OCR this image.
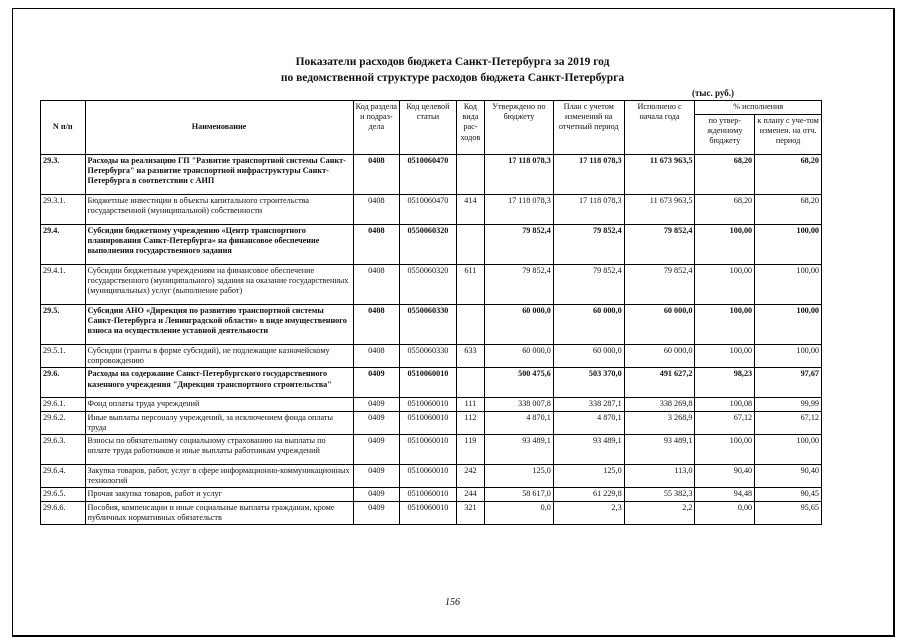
Показатели расходов бюджета Санкт-Петербурга за 2019 год
по ведомственной структуре расходов бюджета Санкт-Петербурга
(тыс. руб.)
N п/п	Наименование	Код раздела и подраз-дела	Код целевой статьи	Код вида рас-ходов	Утверждено по бюджету	План с учетом изменений на отчетный период	Исполнено с начала года	% исполнения	
								по утвер-жденному бюджету	к плану с уче-том изменен. на отч. период
29.3.	Расходы на реализацию ГП "Развитие транспортной системы Санкт-Петербурга" на развитие транспортной инфраструктуры Санкт-Петербурга в соответствии с АИП	0408	0510060470		17 118 078,3	17 118 078,3	11 673 963,5	68,20	68,20
29.3.1.	Бюджетные инвестиции в объекты капитального строительства государственной (муниципальной) собственности	0408	0510060470	414	17 118 078,3	17 118 078,3	11 673 963,5	68,20	68,20
29.4.	Субсидии бюджетному учреждению «Центр транспортного планирования Санкт-Петербурга» на финансовое обеспечение выполнения государственного задания	0408	0550060320		79 852,4	79 852,4	79 852,4	100,00	100,00
29.4.1.	Субсидии бюджетным учреждениям на финансовое обеспечение государственного (муниципального) задания на оказание государственных (муниципальных) услуг (выполнение работ)	0408	0550060320	611	79 852,4	79 852,4	79 852,4	100,00	100,00
29.5.	Субсидии АНО «Дирекция по развитию транспортной системы Санкт-Петербурга и Ленинградской области» в виде имущественного взноса на осуществление уставной деятельности	0408	0550060330		60 000,0	60 000,0	60 000,0	100,00	100,00
29.5.1.	Субсидии (гранты в форме субсидий), не подлежащие казначейскому сопровождению	0408	0550060330	633	60 000,0	60 000,0	60 000,0	100,00	100,00
29.6.	Расходы на содержание Санкт-Петербургского государственного казенного учреждения "Дирекция транспортного строительства"	0409	0510060010		500 475,6	503 370,0	491 627,2	98,23	97,67
29.6.1.	Фонд оплаты труда учреждений	0409	0510060010	111	338 007,8	338 287,1	338 269,8	100,08	99,99
29.6.2.	Иные выплаты персоналу учреждений, за исключением фонда оплаты труда	0409	0510060010	112	4 870,1	4 870,1	3 268,9	67,12	67,12
29.6.3.	Взносы по обязательному социальному страхованию на выплаты по оплате труда работников и иные выплаты работникам учреждений	0409	0510060010	119	93 489,1	93 489,1	93 489,1	100,00	100,00
29.6.4.	Закупка товаров, работ, услуг в сфере информационно-коммуникационных технологий	0409	0510060010	242	125,0	125,0	113,0	90,40	90,40
29.6.5.	Прочая закупка товаров, работ и услуг	0409	0510060010	244	58 617,0	61 229,8	55 382,3	94,48	90,45
29.6.6.	Пособия, компенсации и иные социальные выплаты гражданам, кроме публичных нормативных обязательств	0409	0510060010	321	0,0	2,3	2,2	0,00	95,65
156
